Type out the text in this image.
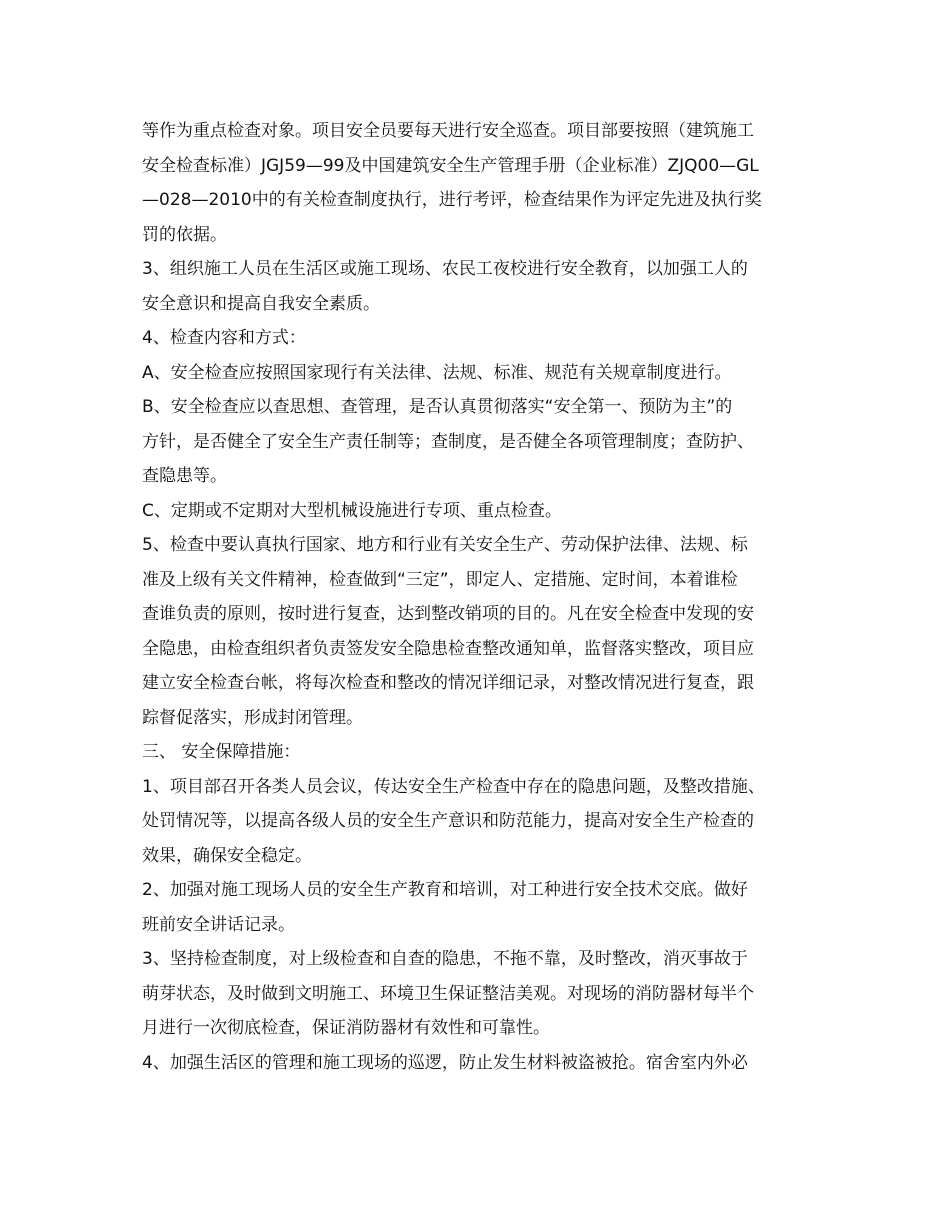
等作为重点检查对象。项目安全员要每天进行安全巡查。项目部要按照（建筑施工
安全检查标准）JGJ59—99及中国建筑安全生产管理手册（企业标准）ZJQ00—GL
—028—2010中的有关检查制度执行，进行考评，检查结果作为评定先进及执行奖
罚的依据。
3、组织施工人员在生活区或施工现场、农民工夜校进行安全教育，以加强工人的
安全意识和提高自我安全素质。
4、检查内容和方式：
A、安全检查应按照国家现行有关法律、法规、标准、规范有关规章制度进行。
B、安全检查应以查思想、查管理，是否认真贯彻落实“安全第一、预防为主”的
方针，是否健全了安全生产责任制等；查制度，是否健全各项管理制度；查防护、
查隐患等。
C、定期或不定期对大型机械设施进行专项、重点检查。
5、检查中要认真执行国家、地方和行业有关安全生产、劳动保护法律、法规、标
准及上级有关文件精神，检查做到“三定”，即定人、定措施、定时间，本着谁检
查谁负责的原则，按时进行复查，达到整改销项的目的。凡在安全检查中发现的安
全隐患，由检查组织者负责签发安全隐患检查整改通知单，监督落实整改，项目应
建立安全检查台帐，将每次检查和整改的情况详细记录，对整改情况进行复查，跟
踪督促落实，形成封闭管理。
三、 安全保障措施：
1、项目部召开各类人员会议，传达安全生产检查中存在的隐患问题，及整改措施、
处罚情况等，以提高各级人员的安全生产意识和防范能力，提高对安全生产检查的
效果，确保安全稳定。
2、加强对施工现场人员的安全生产教育和培训，对工种进行安全技术交底。做好
班前安全讲话记录。
3、坚持检查制度，对上级检查和自查的隐患，不拖不靠，及时整改，消灭事故于
萌芽状态，及时做到文明施工、环境卫生保证整洁美观。对现场的消防器材每半个
月进行一次彻底检查，保证消防器材有效性和可靠性。
4、加强生活区的管理和施工现场的巡逻，防止发生材料被盗被抢。宿舍室内外必
